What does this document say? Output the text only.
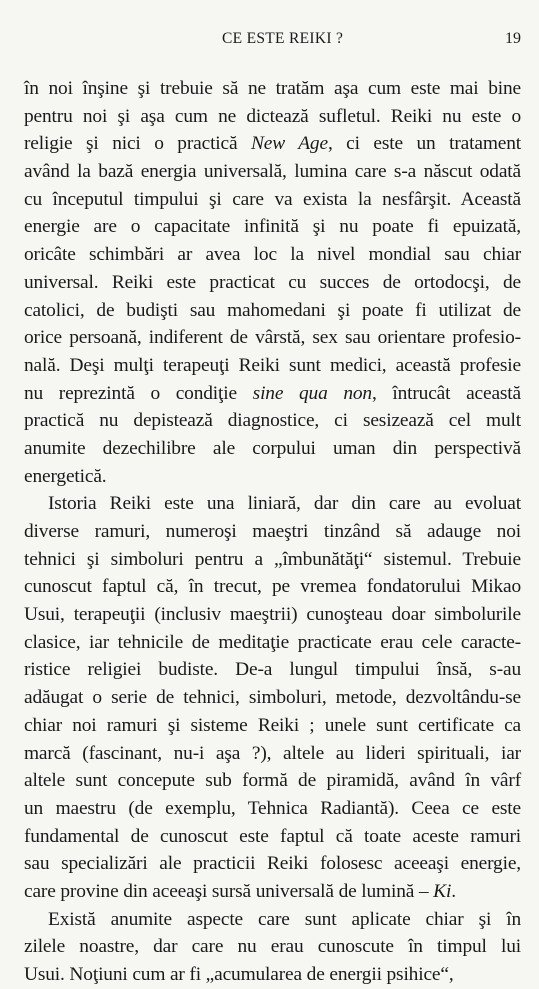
CE ESTE REIKI ?	19
în noi înşine şi trebuie să ne tratăm aşa cum este mai bine
pentru noi şi aşa cum ne dictează sufletul. Reiki nu este o
religie şi nici o practică New Age, ci este un tratament
având la bază energia universală, lumina care s-a născut odată
cu începutul timpului şi care va exista la nesfârşit. Această
energie are o capacitate infinită şi nu poate fi epuizată,
oricâte schimbări ar avea loc la nivel mondial sau chiar
universal. Reiki este practicat cu succes de ortodocşi, de
catolici, de budişti sau mahomedani şi poate fi utilizat de
orice persoană, indiferent de vârstă, sex sau orientare profesio-
nală. Deşi mulţi terapeuţi Reiki sunt medici, această profesie
nu reprezintă o condiţie sine qua non, întrucât această
practică nu depistează diagnostice, ci sesizează cel mult
anumite dezechilibre ale corpului uman din perspectivă
energetică.
Istoria Reiki este una liniară, dar din care au evoluat
diverse ramuri, numeroşi maeştri tinzând să adauge noi
tehnici şi simboluri pentru a „îmbunătăţi“ sistemul. Trebuie
cunoscut faptul că, în trecut, pe vremea fondatorului Mikao
Usui, terapeuţii (inclusiv maeştrii) cunoşteau doar simbolurile
clasice, iar tehnicile de meditaţie practicate erau cele caracte-
ristice religiei budiste. De-a lungul timpului însă, s-au
adăugat o serie de tehnici, simboluri, metode, dezvoltându-se
chiar noi ramuri şi sisteme Reiki ; unele sunt certificate ca
marcă (fascinant, nu-i aşa ?), altele au lideri spirituali, iar
altele sunt concepute sub formă de piramidă, având în vârf
un maestru (de exemplu, Tehnica Radiantă). Ceea ce este
fundamental de cunoscut este faptul că toate aceste ramuri
sau specializări ale practicii Reiki folosesc aceeaşi energie,
care provine din aceeaşi sursă universală de lumină – Ki.
Există anumite aspecte care sunt aplicate chiar şi în
zilele noastre, dar care nu erau cunoscute în timpul lui
Usui. Noţiuni cum ar fi „acumularea de energii psihice“,
